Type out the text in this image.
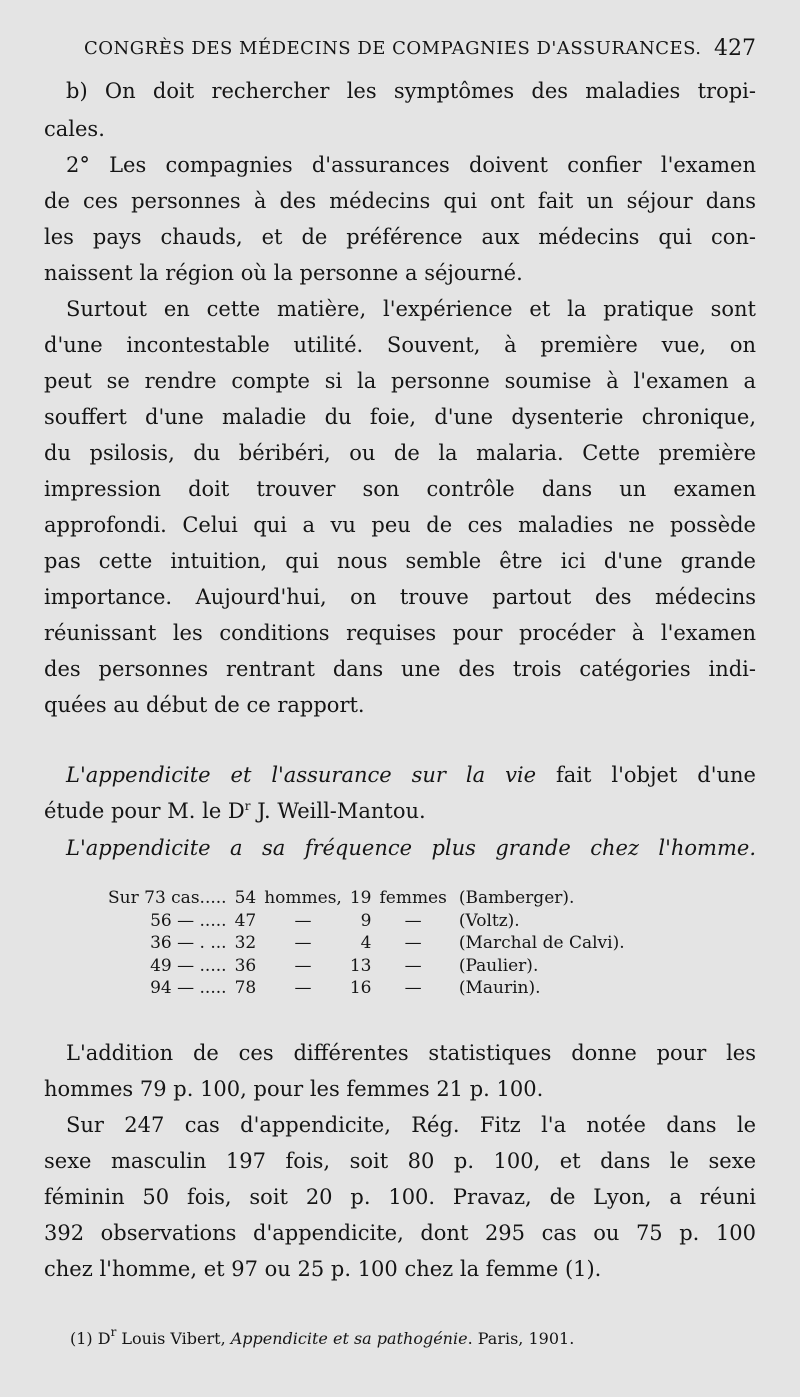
CONGRÈS DES MÉDECINS DE COMPAGNIES D'ASSURANCES. 427
b) On doit rechercher les symptômes des maladies tropi-
cales.
2° Les compagnies d'assurances doivent confier l'examen
de ces personnes à des médecins qui ont fait un séjour dans
les pays chauds, et de préférence aux médecins qui con-
naissent la région où la personne a séjourné.
Surtout en cette matière, l'expérience et la pratique sont
d'une incontestable utilité. Souvent, à première vue, on
peut se rendre compte si la personne soumise à l'examen a
souffert d'une maladie du foie, d'une dysenterie chronique,
du psilosis, du béribéri, ou de la malaria. Cette première
impression doit trouver son contrôle dans un examen
approfondi. Celui qui a vu peu de ces maladies ne possède
pas cette intuition, qui nous semble être ici d'une grande
importance. Aujourd'hui, on trouve partout des médecins
réunissant les conditions requises pour procéder à l'examen
des personnes rentrant dans une des trois catégories indi-
quées au début de ce rapport.
L'appendicite et l'assurance sur la vie fait l'objet d'une
étude pour M. le $D^r$ J. Weill-Mantou.
L'appendicite a sa fréquence plus grande chez l'homme.
Sur 73 cas.....	54	hommes,	19	femmes	(Bamberger).
56 — .....	47	—	9	—	(Voltz).
36 — . ...	32	—	4	—	(Marchal de Calvi).
49 — .....	36	—	13	—	(Paulier).
94 — .....	78	—	16	—	(Maurin).
L'addition de ces différentes statistiques donne pour les
hommes 79 p. 100, pour les femmes 21 p. 100.
Sur 247 cas d'appendicite, Rég. Fitz l'a notée dans le
sexe masculin 197 fois, soit 80 p. 100, et dans le sexe
féminin 50 fois, soit 20 p. 100. Pravaz, de Lyon, a réuni
392 observations d'appendicite, dont 295 cas ou 75 p. 100
chez l'homme, et 97 ou 25 p. 100 chez la femme (1).
(1) $D^r$ Louis Vibert, Appendicite et sa pathogénie. Paris, 1901.
